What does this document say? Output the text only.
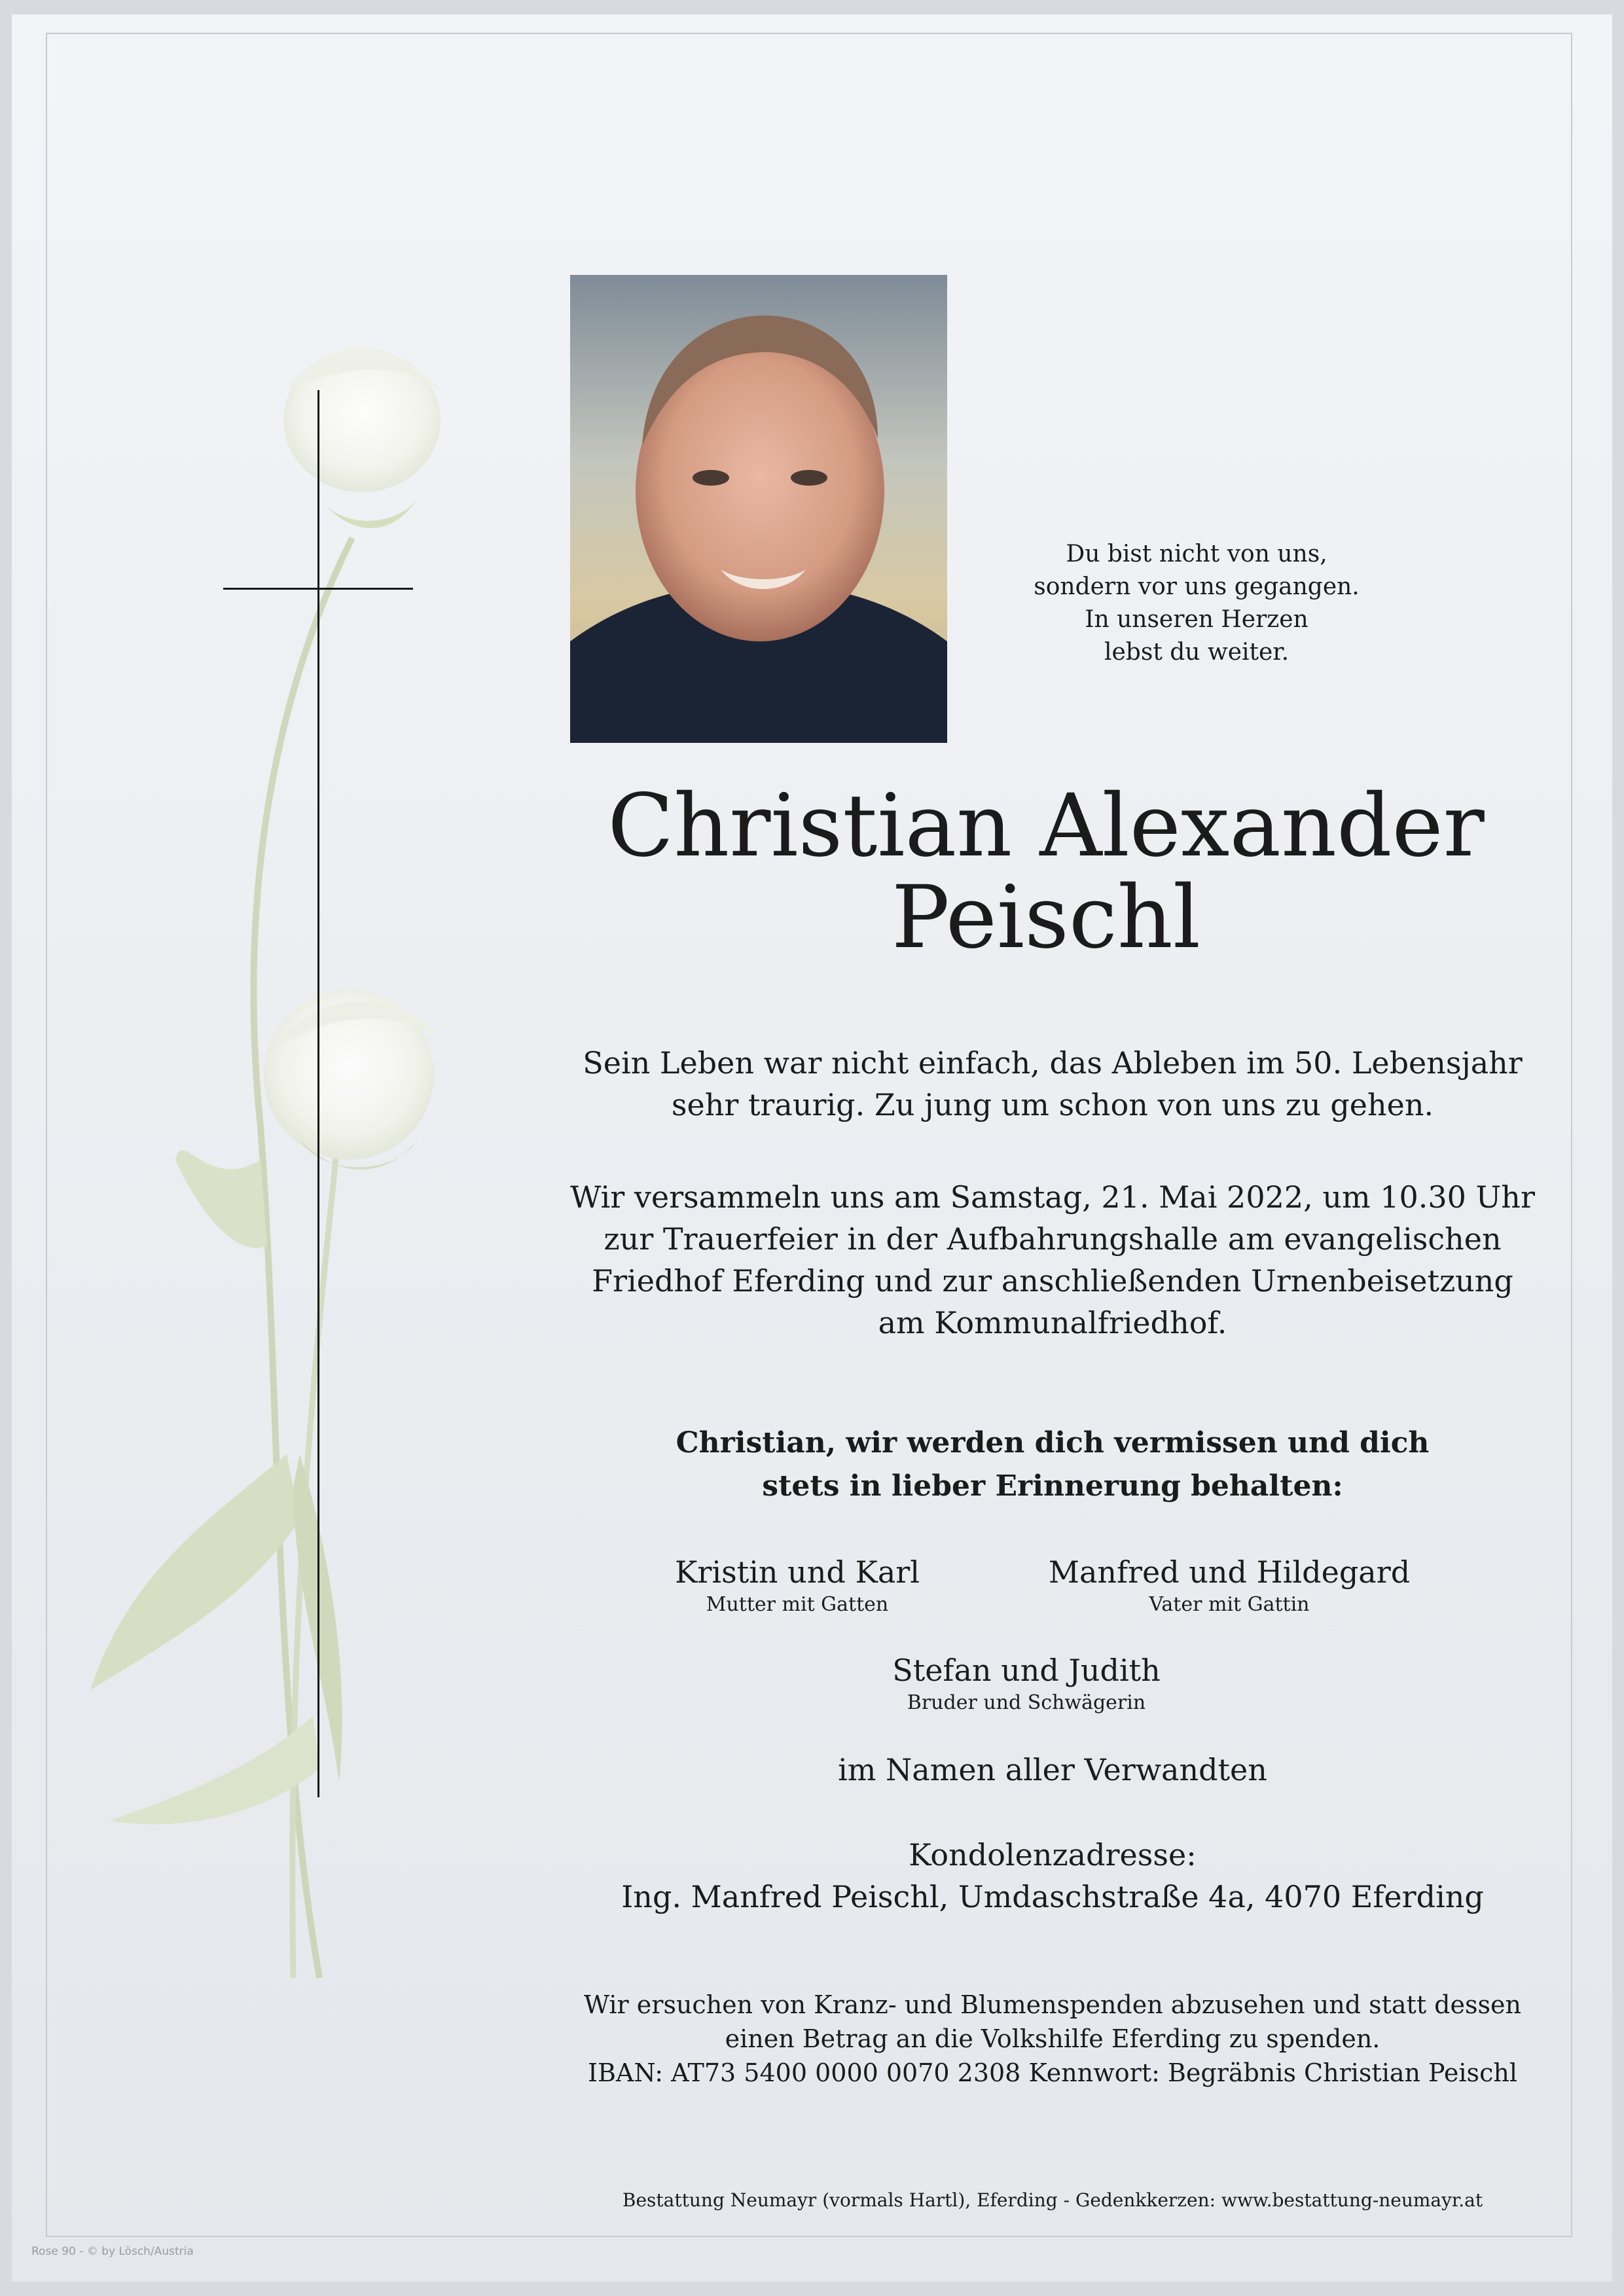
Du bist nicht von uns,
sondern vor uns gegangen.
In unseren Herzen
lebst du weiter.
Christian Alexander
Peischl
Sein Leben war nicht einfach, das Ableben im 50. Lebensjahr
sehr traurig. Zu jung um schon von uns zu gehen.
Wir versammeln uns am Samstag, 21. Mai 2022, um 10.30 Uhr
zur Trauerfeier in der Aufbahrungshalle am evangelischen
Friedhof Eferding und zur anschließenden Urnenbeisetzung
am Kommunalfriedhof.
Christian, wir werden dich vermissen und dich
stets in lieber Erinnerung behalten:
Kristin und Karl
Mutter mit Gatten
Manfred und Hildegard
Vater mit Gattin
Stefan und Judith
Bruder und Schwägerin
im Namen aller Verwandten
Kondolenzadresse:
Ing. Manfred Peischl, Umdaschstraße 4a, 4070 Eferding
Wir ersuchen von Kranz- und Blumenspenden abzusehen und statt dessen
einen Betrag an die Volkshilfe Eferding zu spenden.
IBAN: AT73 5400 0000 0070 2308 Kennwort: Begräbnis Christian Peischl
Bestattung Neumayr (vormals Hartl), Eferding - Gedenkkerzen: www.bestattung-neumayr.at
Rose 90 - © by Lösch/Austria
